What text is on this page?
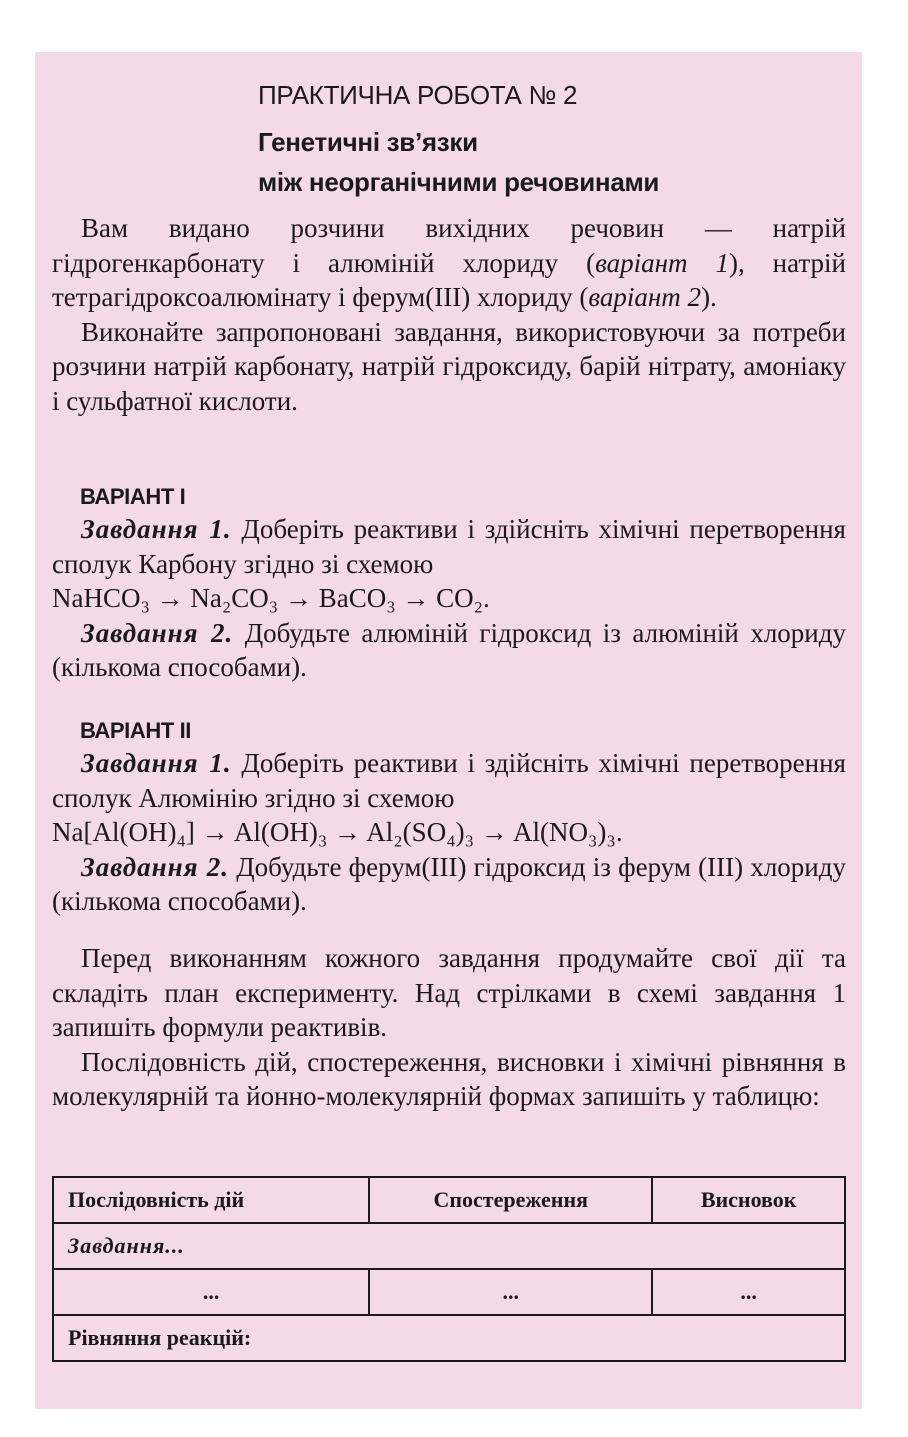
ПРАКТИЧНА РОБОТА № 2
Генетичні зв’язки
між неорганічними речовинами

Вам видано розчини вихідних речовин — натрій гідрогенкарбонату і алюміній хлориду (варіант 1), натрій тетрагідроксоалюмінату і ферум(ІІІ) хлориду (варіант 2).

Виконайте запропоновані завдання, використовуючи за потреби розчини натрій карбонату, натрій гідроксиду, барій нітрату, амоніаку і сульфатної кислоти.

ВАРІАНТ І

Завдання 1. Доберіть реактиви і здійсніть хімічні перетворення сполук Карбону згідно зі схемою

NaHCO₃ → Na₂CO₃ → BaCO₃ → CO₂.

Завдання 2. Добудьте алюміній гідроксид із алюміній хлориду (кількома способами).

ВАРІАНТ ІІ

Завдання 1. Доберіть реактиви і здійсніть хімічні перетворення сполук Алюмінію згідно зі схемою

Na[Al(OH)₄] → Al(OH)₃ → Al₂(SO₄)₃ → Al(NO₃)₃.

Завдання 2. Добудьте ферум(ІІІ) гідроксид із ферум (ІІІ) хлориду (кількома способами).

Перед виконанням кожного завдання продумайте свої дії та складіть план експерименту. Над стрілками в схемі завдання 1 запишіть формули реактивів.

Послідовність дій, спостереження, висновки і хімічні рівняння в молекулярній та йонно-молекулярній формах запишіть у таблицю:

Послідовність дій	Спостереження	Висновок
Завдання...		
...	...	...
Рівняння реакцій:		
